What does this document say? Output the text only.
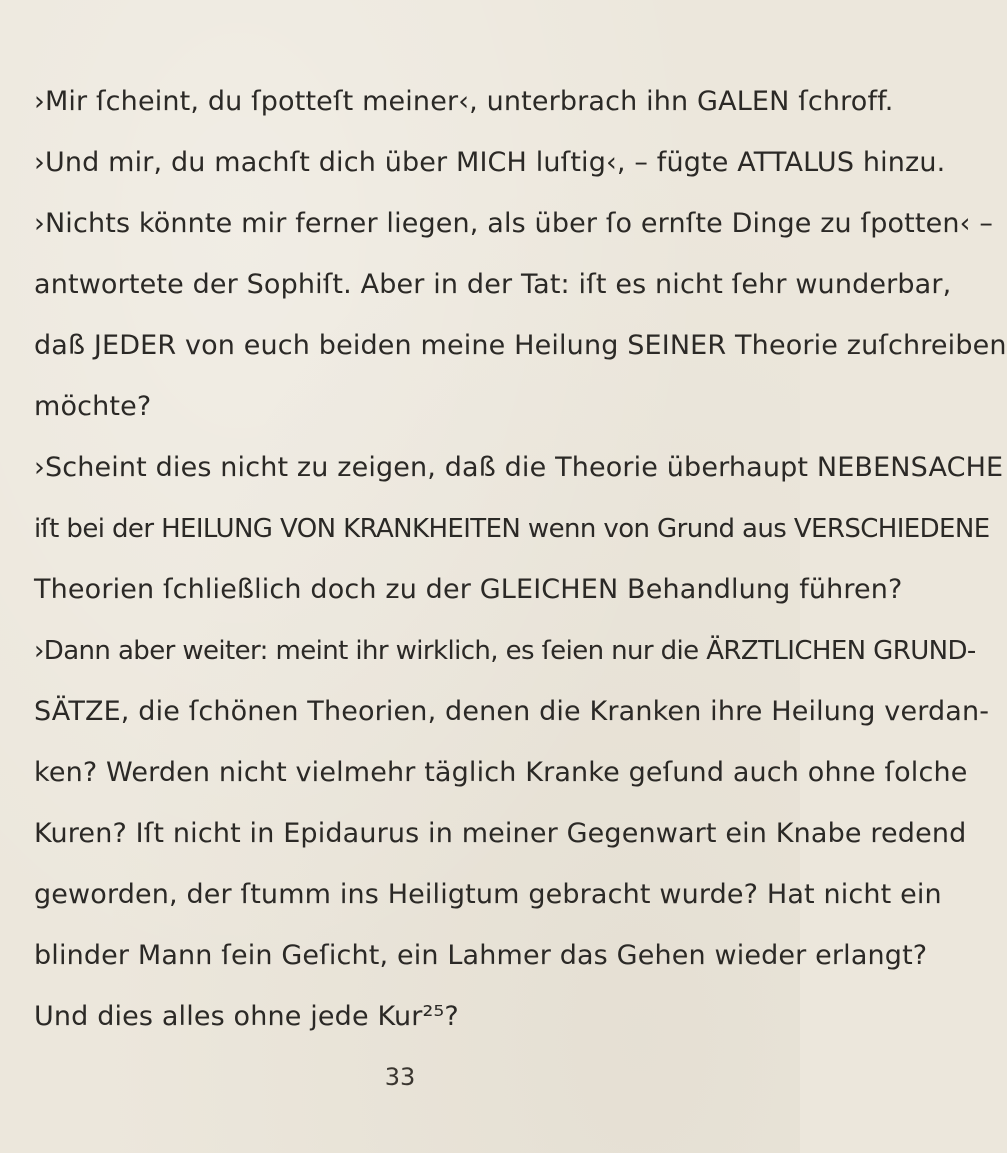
›Mir ſcheint, du ſpotteſt meiner‹, unterbrach ihn GALEN ſchroff.
›Und mir, du machſt dich über MICH luſtig‹, – fügte ATTALUS hinzu.
›Nichts könnte mir ferner liegen, als über ſo ernſte Dinge zu ſpotten‹ –
antwortete der Sophiſt. Aber in der Tat: iſt es nicht ſehr wunderbar,
daß JEDER von euch beiden meine Heilung SEINER Theorie zuſchreiben
möchte?
›Scheint dies nicht zu zeigen, daß die Theorie überhaupt NEBENSACHE
iſt bei der HEILUNG VON KRANKHEITEN wenn von Grund aus VERSCHIEDENE
Theorien ſchließlich doch zu der GLEICHEN Behandlung führen?
›Dann aber weiter: meint ihr wirklich, es ſeien nur die ÄRZTLICHEN GRUND-
SÄTZE, die ſchönen Theorien, denen die Kranken ihre Heilung verdan-
ken? Werden nicht vielmehr täglich Kranke geſund auch ohne ſolche
Kuren? Iſt nicht in Epidaurus in meiner Gegenwart ein Knabe redend
geworden, der ſtumm ins Heiligtum gebracht wurde? Hat nicht ein
blinder Mann ſein Geſicht, ein Lahmer das Gehen wieder erlangt?
Und dies alles ohne jede Kur²⁵?
33
